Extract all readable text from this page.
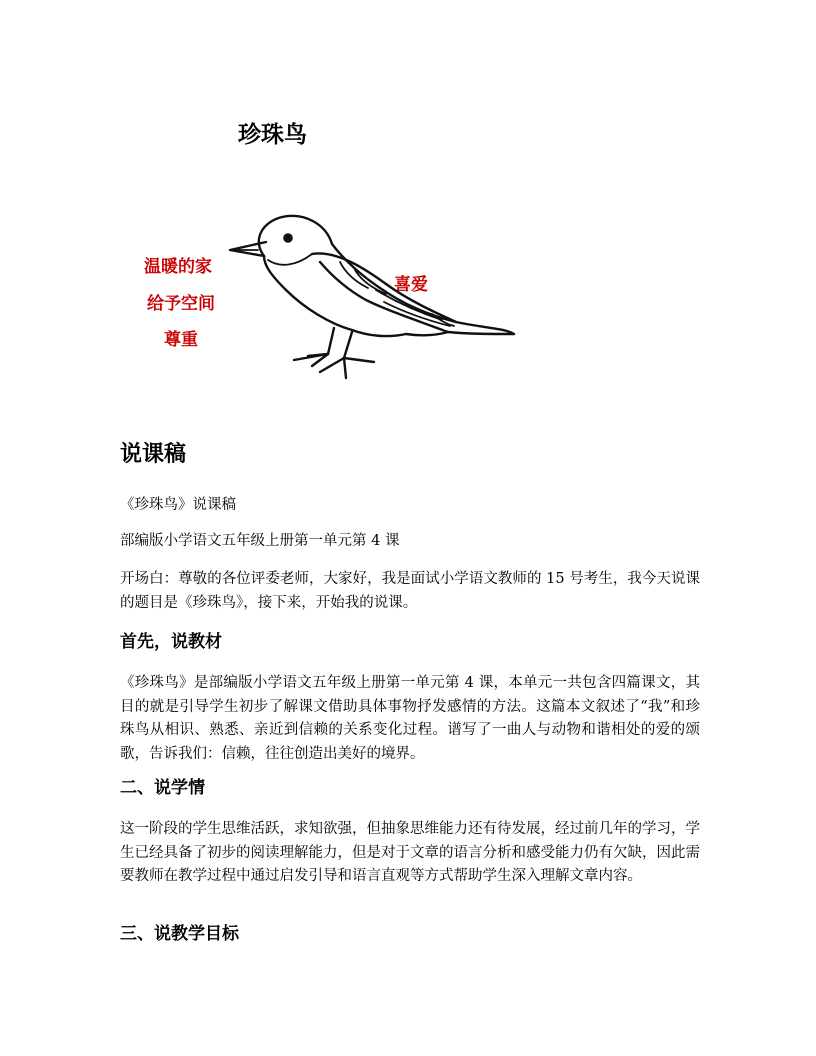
珍珠鸟
温暖的家
给予空间
尊重
喜爱
说课稿

《珍珠鸟》说课稿

部编版小学语文五年级上册第一单元第 4 课

开场白：尊敬的各位评委老师，大家好，我是面试小学语文教师的 15 号考生，我今天说课的题目是《珍珠鸟》，接下来，开始我的说课。

首先，说教材

《珍珠鸟》是部编版小学语文五年级上册第一单元第 4 课，本单元一共包含四篇课文，其目的就是引导学生初步了解课文借助具体事物抒发感情的方法。这篇本文叙述了“我”和珍珠鸟从相识、熟悉、亲近到信赖的关系变化过程。谱写了一曲人与动物和谐相处的爱的颂歌，告诉我们：信赖，往往创造出美好的境界。

二、说学情

这一阶段的学生思维活跃，求知欲强，但抽象思维能力还有待发展，经过前几年的学习，学生已经具备了初步的阅读理解能力，但是对于文章的语言分析和感受能力仍有欠缺，因此需要教师在教学过程中通过启发引导和语言直观等方式帮助学生深入理解文章内容。

三、说教学目标
